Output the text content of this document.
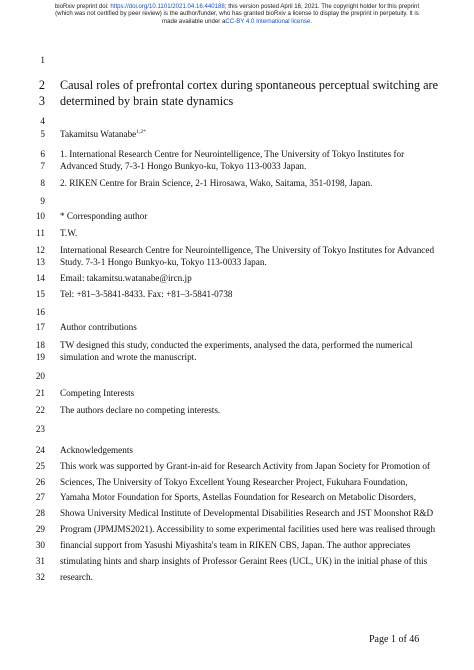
bioRxiv preprint doi: https://doi.org/10.1101/2021.04.16.440188; this version posted April 16, 2021. The copyright holder for this preprint
(which was not certified by peer review) is the author/funder, who has granted bioRxiv a license to display the preprint in perpetuity. It is
made available under aCC-BY 4.0 International license.
1
2 Causal roles of prefrontal cortex during spontaneous perceptual switching are
3 determined by brain state dynamics
4
5 Takamitsu Watanabe$^{1,2*}$
6 1. International Research Centre for Neurointelligence, The University of Tokyo Institutes for
7 Advanced Study, 7-3-1 Hongo Bunkyo-ku, Tokyo 113-0033 Japan.
8 2. RIKEN Centre for Brain Science, 2-1 Hirosawa, Wako, Saitama, 351-0198, Japan.
9
10 * Corresponding author
11 T.W.
12 International Research Centre for Neurointelligence, The University of Tokyo Institutes for Advanced
13 Study. 7-3-1 Hongo Bunkyo-ku, Tokyo 113-0033 Japan.
14 Email: takamitsu.watanabe@ircn.jp
15 Tel: +81–3-5841-8433. Fax: +81–3-5841-0738
16
17 Author contributions
18 TW designed this study, conducted the experiments, analysed the data, performed the numerical
19 simulation and wrote the manuscript.
20
21 Competing Interests
22 The authors declare no competing interests.
23
24 Acknowledgements
25 This work was supported by Grant-in-aid for Research Activity from Japan Society for Promotion of
26 Sciences, The University of Tokyo Excellent Young Researcher Project, Fukuhara Foundation,
27 Yamaha Motor Foundation for Sports, Astellas Foundation for Research on Metabolic Disorders,
28 Showa University Medical Institute of Developmental Disabilities Research and JST Moonshot R&D
29 Program (JPMJMS2021). Accessibility to some experimental facilities used here was realised through
30 financial support from Yasushi Miyashita's team in RIKEN CBS, Japan. The author appreciates
31 stimulating hints and sharp insights of Professor Geraint Rees (UCL, UK) in the initial phase of this
32 research.
Page 1 of 46
